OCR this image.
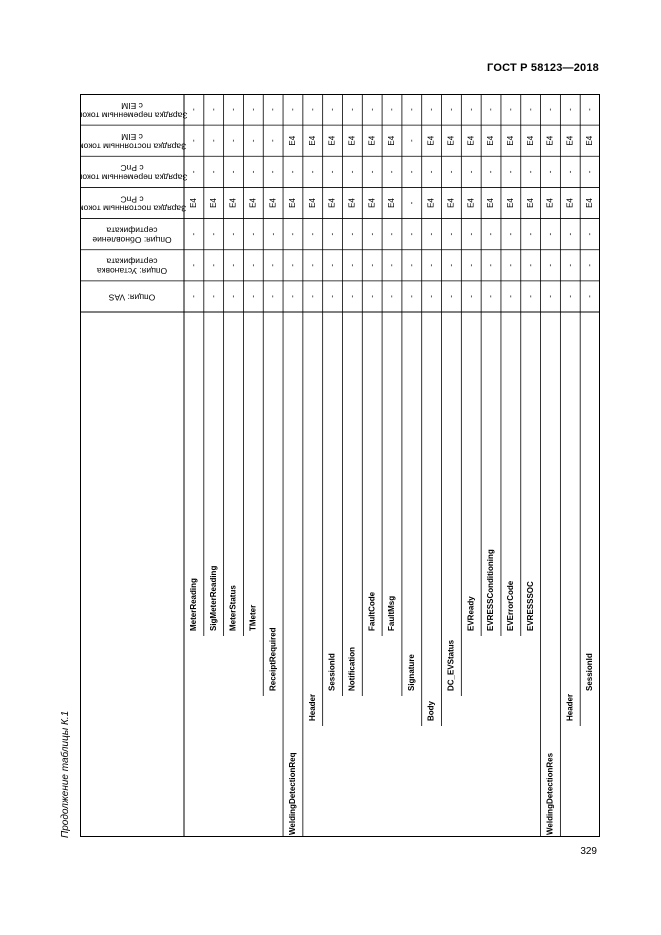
ГОСТ Р 58123—2018
Продолжение таблицы К.1
329
Зарядка переменным токомс EIM
Зарядка постоянным токомс EIM
Зарядка переменным токомс PnC
Зарядка постоянным токомс PnC
Опция: Обновлениесертификата
Опция: Установкасертификата
Опция: VAS
-
-
-
E4
-
-
-
MeterReading
-
-
-
E4
-
-
-
SigMeterReading
-
-
-
E4
-
-
-
MeterStatus
-
-
-
E4
-
-
-
TMeter
-
-
-
E4
-
-
-
ReceiptRequired
-
E4
-
E4
-
-
-
WeldingDetectionReq
-
E4
-
E4
-
-
-
Header
-
E4
-
E4
-
-
-
SessionId
-
E4
-
E4
-
-
-
Notification
-
E4
-
E4
-
-
-
FaultCode
-
E4
-
E4
-
-
-
FaultMsg
-
-
-
-
-
-
-
Signature
-
E4
-
E4
-
-
-
Body
-
E4
-
E4
-
-
-
DC_EVStatus
-
E4
-
E4
-
-
-
EVReady
-
E4
-
E4
-
-
-
EVRESSConditioning
-
E4
-
E4
-
-
-
EVErrorCode
-
E4
-
E4
-
-
-
EVRESSSOC
-
E4
-
E4
-
-
-
WeldingDetectionRes
-
E4
-
E4
-
-
-
Header
-
E4
-
E4
-
-
-
SessionId
